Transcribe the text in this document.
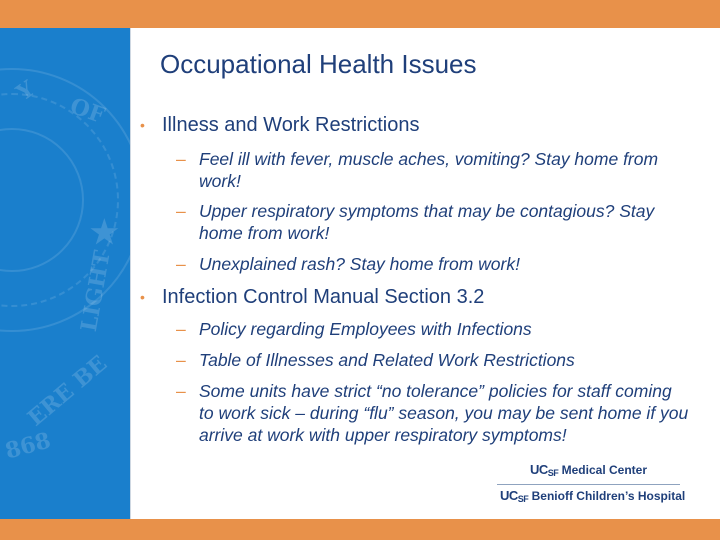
Y
OF
★
LIGHT
ERE BE
868
Occupational Health Issues
• Illness and Work Restrictions
– Feel ill with fever, muscle aches, vomiting? Stay home from work!
– Upper respiratory symptoms that may be contagious? Stay home from work!
– Unexplained rash? Stay home from work!
• Infection Control Manual Section 3.2
– Policy regarding Employees with Infections
– Table of Illnesses and Related Work Restrictions
– Some units have strict “no tolerance” policies for staff coming to work sick – during “flu” season, you may be sent home if you arrive at work with upper respiratory symptoms!
$UC_{SF}$ Medical Center
$UC_{SF}$ Benioff Children’s Hospital
